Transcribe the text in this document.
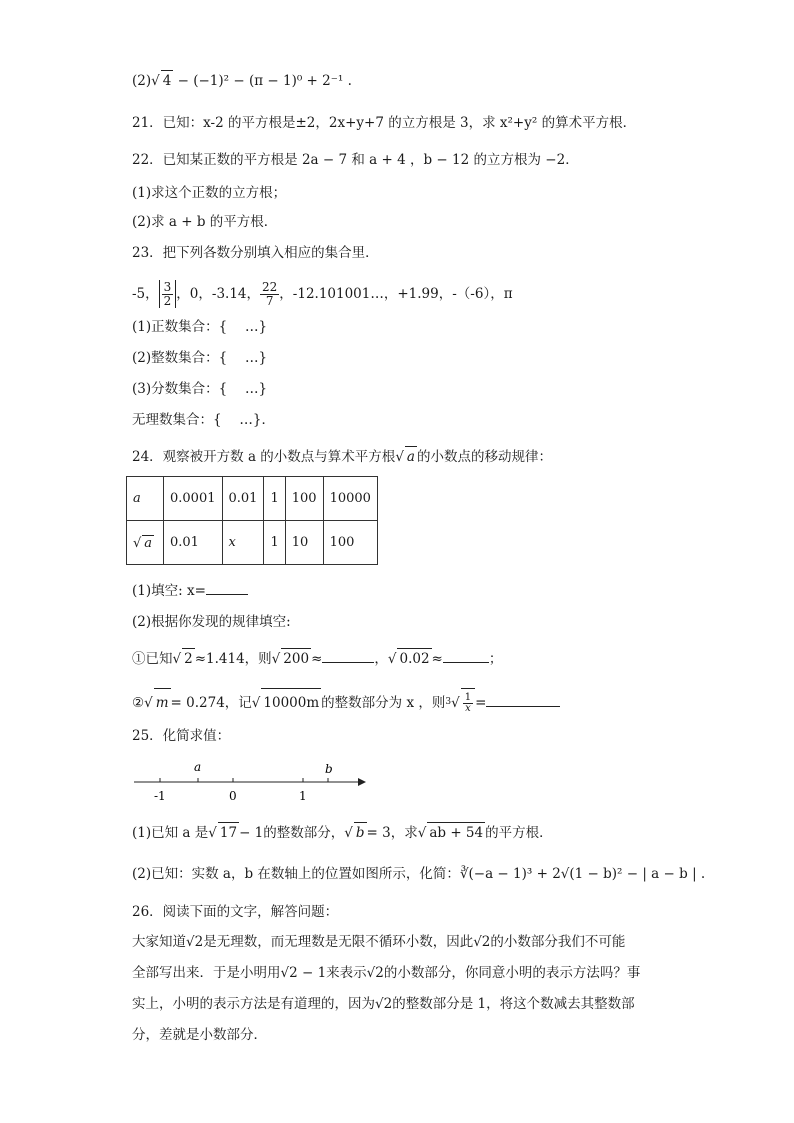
(2)√ 4 − (−1)² − (π − 1)⁰ + 2⁻¹ .
21．已知：x-2 的平方根是±2，2x+y+7 的立方根是 3，求 x²+y² 的算术平方根．
22．已知某正数的平方根是 2a − 7 和 a + 4 ，b − 12 的立方根为 −2．
(1)求这个正数的立方根；
(2)求 a + b 的平方根．
23．把下列各数分别填入相应的集合里．
-5， $\frac{3}{2}$ ，0，-3.14， $\frac{22}{7}$ ，-12.101001…，+1.99，-（-6），π
(1)正数集合：{　 …}
(2)整数集合：{　 …}
(3)分数集合：{　 …}
无理数集合：{　 …}．
24．观察被开方数 a 的小数点与算术平方根√ a 的小数点的移动规律：
a	0.0001	0.01	1	100	10000
√ a	0.01	x	1	10	100
(1)填空: x=
(2)根据你发现的规律填空:
①已知√ 2 ≈1.414，则√ 200 ≈	，√ 0.02 ≈	；
②√ m = 0.274，记√ 10000m 的整数部分为 x ，则$^3√ \frac{1}{x}$ =
25．化简求值：
-1	0	1
a	b
(1)已知 a 是√ 17 − 1的整数部分，√ b = 3，求√ ab + 54 的平方根．
(2)已知：实数 a，b 在数轴上的位置如图所示，化简：∛(−a − 1)³ + 2√(1 − b)² − | a − b | .
26．阅读下面的文字，解答问题：
大家知道√2是无理数，而无理数是无限不循环小数，因此√2的小数部分我们不可能
全部写出来．于是小明用√2 − 1来表示√2的小数部分，你同意小明的表示方法吗？事
实上，小明的表示方法是有道理的，因为√2的整数部分是 1，将这个数减去其整数部
分，差就是小数部分．
